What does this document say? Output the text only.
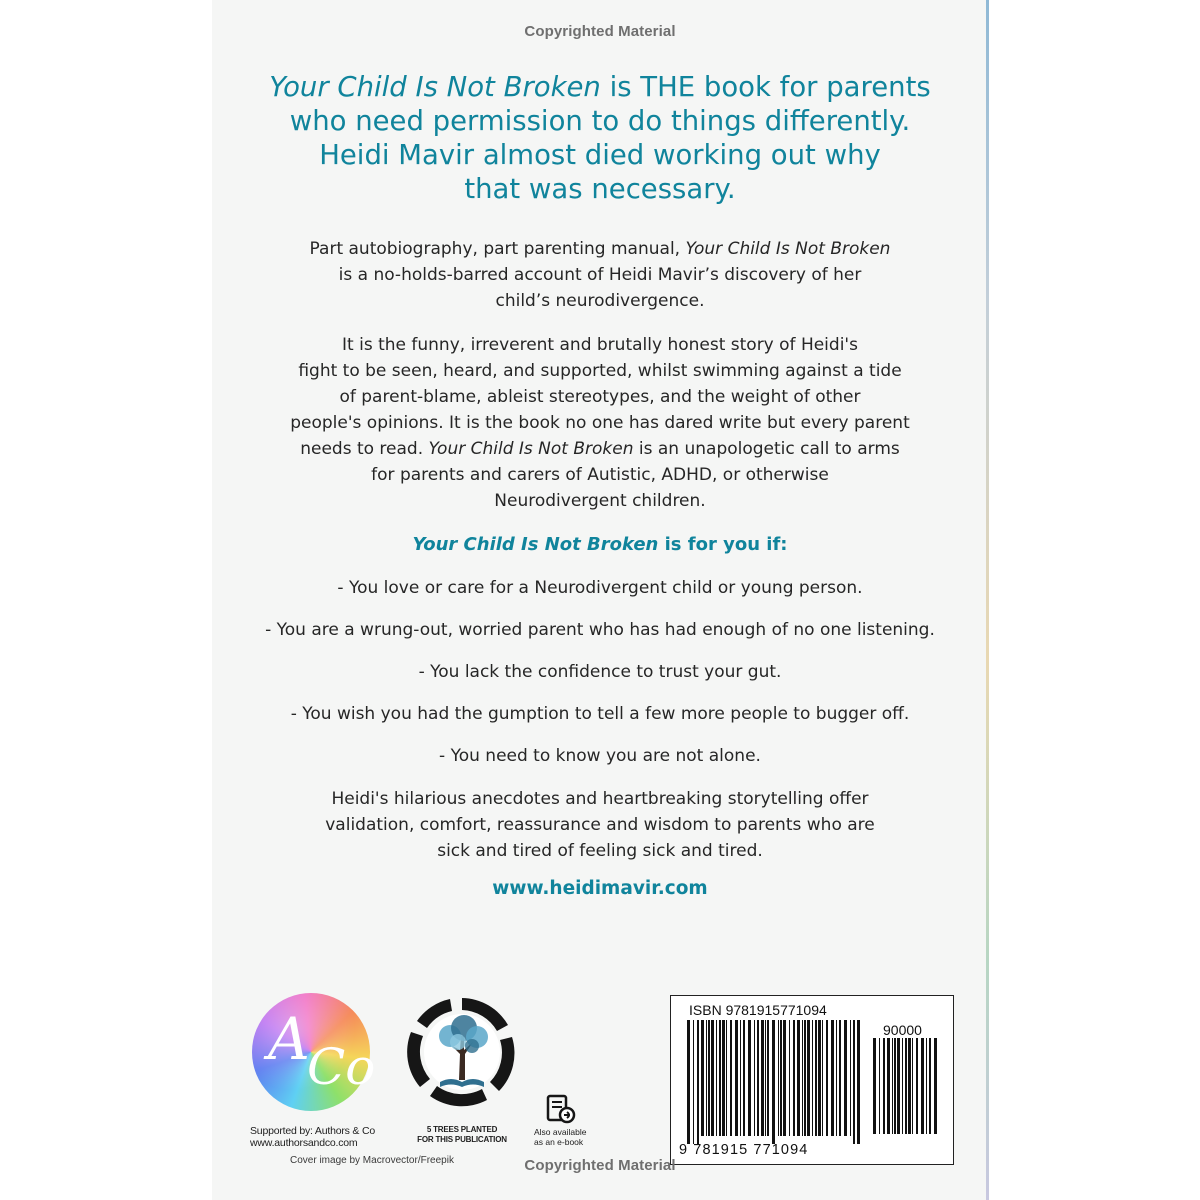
Copyrighted Material
Your Child Is Not Broken is THE book for parents
who need permission to do things differently.
Heidi Mavir almost died working out why
that was necessary.
Part autobiography, part parenting manual, Your Child Is Not Broken
is a no-holds-barred account of Heidi Mavir’s discovery of her
child’s neurodivergence.
It is the funny, irreverent and brutally honest story of Heidi's
fight to be seen, heard, and supported, whilst swimming against a tide
of parent-blame, ableist stereotypes, and the weight of other
people's opinions. It is the book no one has dared write but every parent
needs to read. Your Child Is Not Broken is an unapologetic call to arms
for parents and carers of Autistic, ADHD, or otherwise
Neurodivergent children.
Your Child Is Not Broken is for you if:
- You love or care for a Neurodivergent child or young person.
- You are a wrung-out, worried parent who has had enough of no one listening.
- You lack the confidence to trust your gut.
- You wish you had the gumption to tell a few more people to bugger off.
- You need to know you are not alone.
Heidi's hilarious anecdotes and heartbreaking storytelling offer
validation, comfort, reassurance and wisdom to parents who are
sick and tired of feeling sick and tired.
www.heidimavir.com
A
Co
Supported by: Authors & Co
www.authorsandco.com
5 TREES PLANTED
FOR THIS PUBLICATION
Also available
as an e-book
Cover image by Macrovector/Freepik
ISBN 9781915771094
90000
9 781915 771094
Copyrighted Material
